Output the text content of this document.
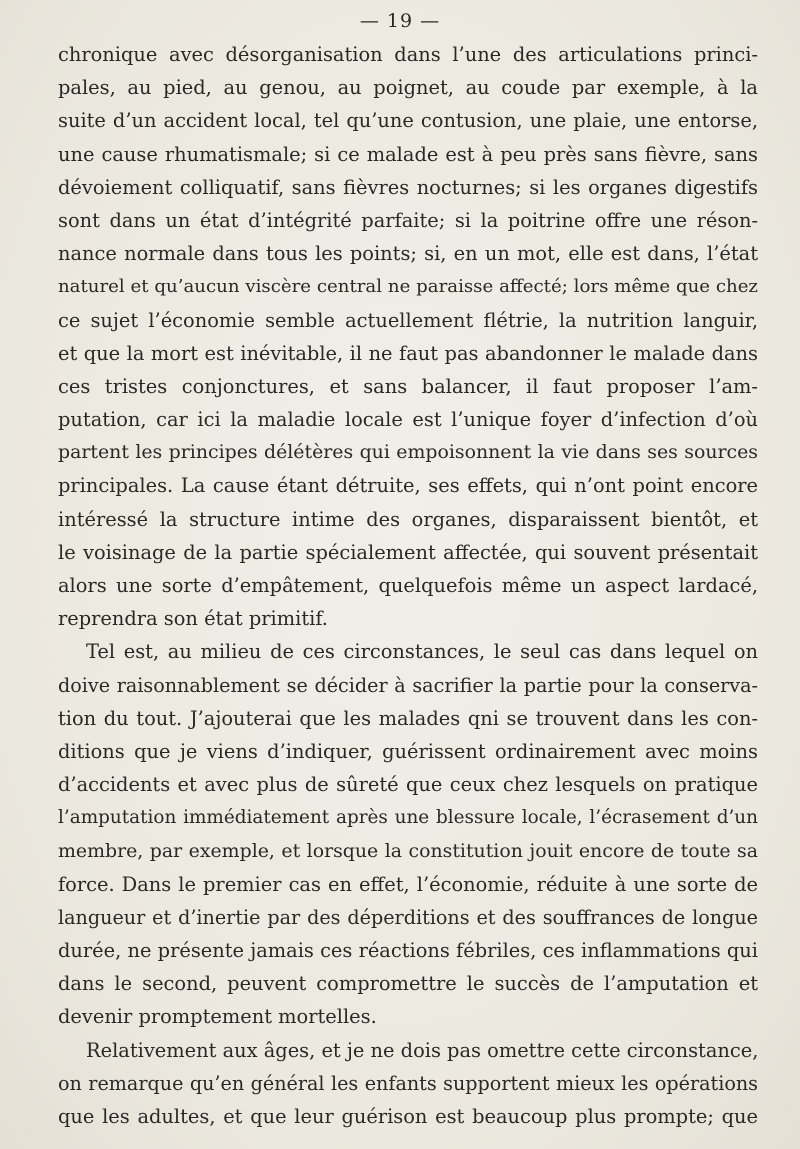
— 19 —
chronique avec désorganisation dans l’une des articulations princi-
pales, au pied, au genou, au poignet, au coude par exemple, à la
suite d’un accident local, tel qu’une contusion, une plaie, une entorse,
une cause rhumatismale; si ce malade est à peu près sans fièvre, sans
dévoiement colliquatif, sans fièvres nocturnes; si les organes digestifs
sont dans un état d’intégrité parfaite; si la poitrine offre une réson-
nance normale dans tous les points; si, en un mot, elle est dans, l’état
naturel et qu’aucun viscère central ne paraisse affecté; lors même que chez
ce sujet l’économie semble actuellement flétrie, la nutrition languir,
et que la mort est inévitable, il ne faut pas abandonner le malade dans
ces tristes conjonctures, et sans balancer, il faut proposer l’am-
putation, car ici la maladie locale est l’unique foyer d’infection d’où
partent les principes délétères qui empoisonnent la vie dans ses sources
principales. La cause étant détruite, ses effets, qui n’ont point encore
intéressé la structure intime des organes, disparaissent bientôt, et
le voisinage de la partie spécialement affectée, qui souvent présentait
alors une sorte d’empâtement, quelquefois même un aspect lardacé,
reprendra son état primitif.
Tel est, au milieu de ces circonstances, le seul cas dans lequel on
doive raisonnablement se décider à sacrifier la partie pour la conserva-
tion du tout. J’ajouterai que les malades qni se trouvent dans les con-
ditions que je viens d’indiquer, guérissent ordinairement avec moins
d’accidents et avec plus de sûreté que ceux chez lesquels on pratique
l’amputation immédiatement après une blessure locale, l’écrasement d’un
membre, par exemple, et lorsque la constitution jouit encore de toute sa
force. Dans le premier cas en effet, l’économie, réduite à une sorte de
langueur et d’inertie par des déperditions et des souffrances de longue
durée, ne présente jamais ces réactions fébriles, ces inflammations qui
dans le second, peuvent compromettre le succès de l’amputation et
devenir promptement mortelles.
Relativement aux âges, et je ne dois pas omettre cette circonstance,
on remarque qu’en général les enfants supportent mieux les opérations
que les adultes, et que leur guérison est beaucoup plus prompte; que
